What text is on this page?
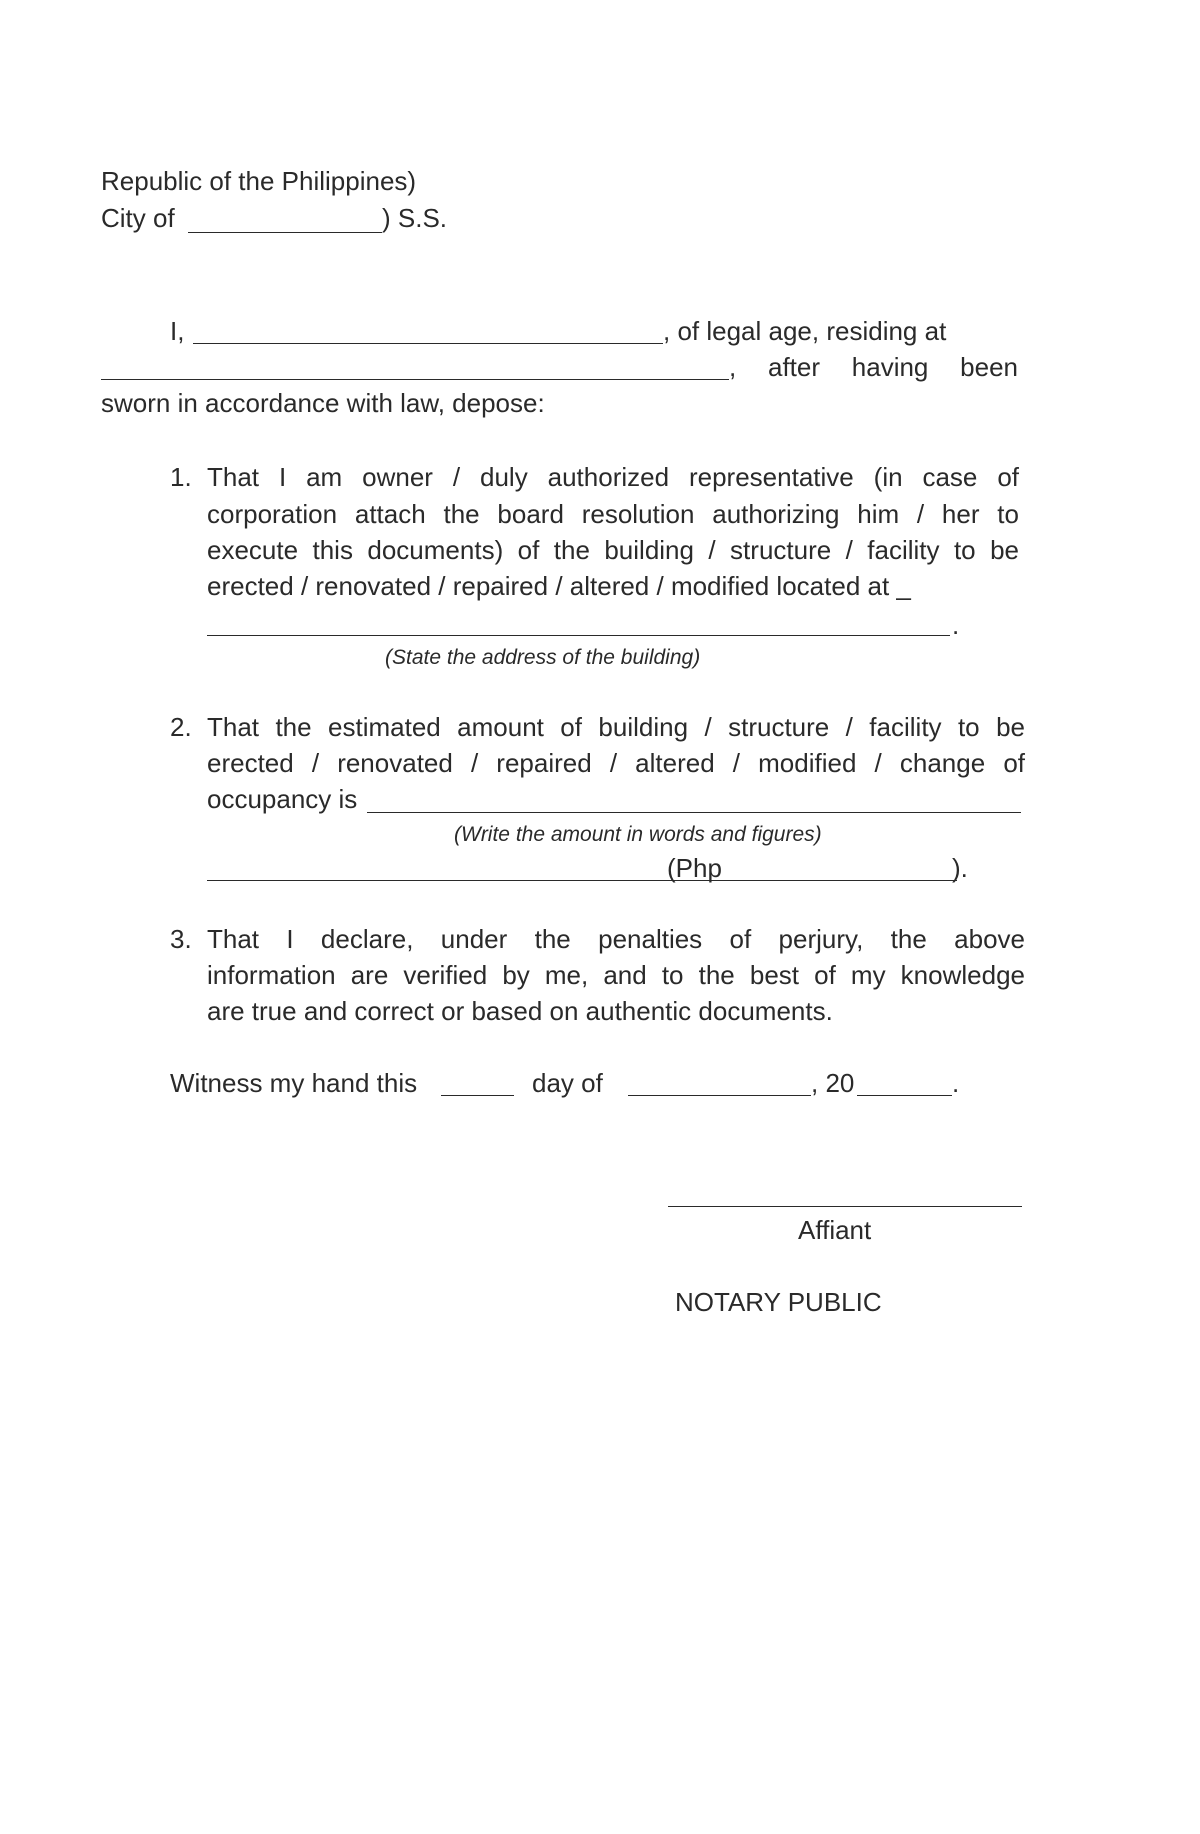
Republic of the Philippines)
City of	) S.S.
I,	, of legal age, residing at
, after having been
sworn in accordance with law, depose:
1. That I am owner / duly authorized representative (in case of
corporation attach the board resolution authorizing him / her to
execute this documents) of the building / structure / facility to be
erected / renovated / repaired / altered / modified located at _
.
(State the address of the building)
2. That the estimated amount of building / structure / facility to be
erected / renovated / repaired / altered / modified / change of
occupancy is
(Write the amount in words and figures)
(Php	).
3. That I declare, under the penalties of perjury, the above
information are verified by me, and to the best of my knowledge
are true and correct or based on authentic documents.
Witness my hand this	day of	, 20	.
Affiant
NOTARY PUBLIC
